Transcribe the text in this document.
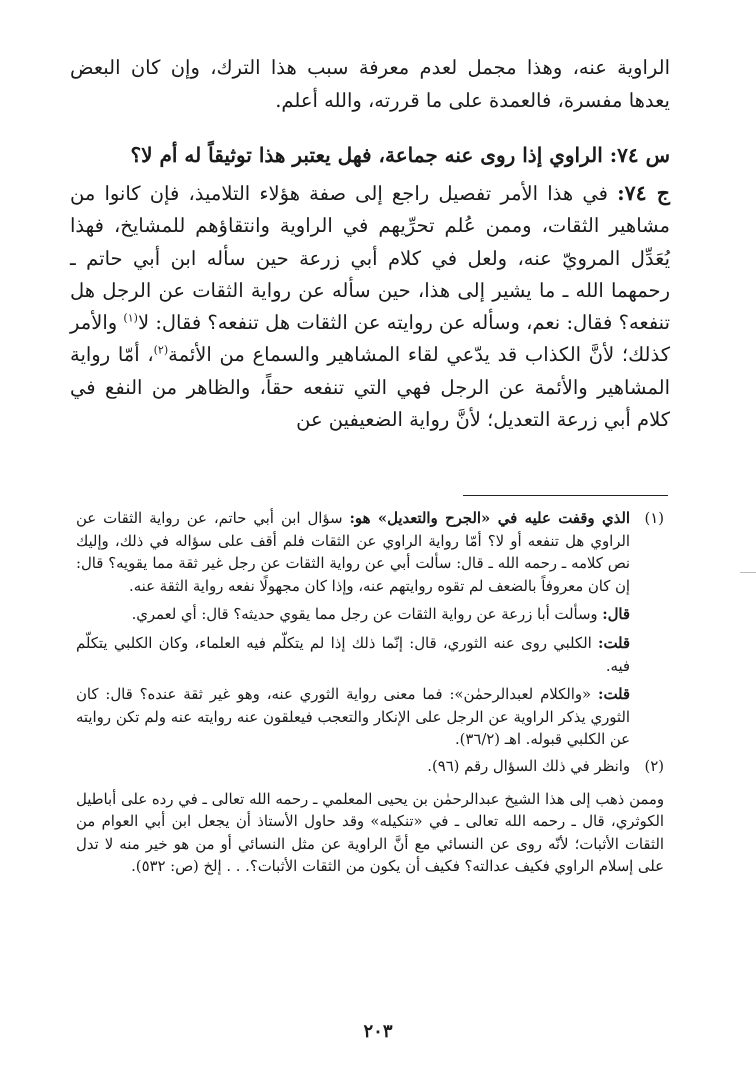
الراوية عنه، وهذا مجمل لعدم معرفة سبب هذا الترك، وإن كان البعض يعدها مفسرة، فالعمدة على ما قررته، والله أعلم.

س ٧٤: الراوي إذا روى عنه جماعة، فهل يعتبر هذا توثيقاً له أم لا؟

ج ٧٤: في هذا الأمر تفصيل راجع إلى صفة هؤلاء التلاميذ، فإن كانوا من مشاهير الثقات، وممن عُلم تحرِّيهم في الراوية وانتقاؤهم للمشايخ، فهذا يُعَدِّل المرويّ عنه، ولعل في كلام أبي زرعة حين سأله ابن أبي حاتم ـ رحمهما الله ـ ما يشير إلى هذا، حين سأله عن رواية الثقات عن الرجل هل تنفعه؟ فقال: نعم، وسأله عن روايته عن الثقات هل تنفعه؟ فقال: لا$^{(١)}$ والأمر كذلك؛ لأنَّ الكذاب قد يدّعي لقاء المشاهير والسماع من الأئمة$^{(٢)}$، أمّا رواية المشاهير والأئمة عن الرجل فهي التي تنفعه حقاً، والظاهر من النفع في كلام أبي زرعة التعديل؛ لأنَّ رواية الضعيفين عن

(١)

الذي وقفت عليه في «الجرح والتعديل» هو: سؤال ابن أبي حاتم، عن رواية الثقات عن الراوي هل تنفعه أو لا؟ أمّا رواية الراوي عن الثقات فلم أقف على سؤاله في ذلك، وإليك نص كلامه ـ رحمه الله ـ قال: سألت أبي عن رواية الثقات عن رجل غير ثقة مما يقويه؟ قال: إن كان معروفاً بالضعف لم تقوه روايتهم عنه، وإذا كان مجهولًا نفعه رواية الثقة عنه.

قال: وسألت أبا زرعة عن رواية الثقات عن رجل مما يقوي حديثه؟ قال: أي لعمري.

قلت: الكلبي روى عنه الثوري، قال: إنّما ذلك إذا لم يتكلّم فيه العلماء، وكان الكلبي يتكلّم فيه.

قلت: «والكلام لعبدالرحمٰن»: فما معنى رواية الثوري عنه، وهو غير ثقة عنده؟ قال: كان الثوري يذكر الراوية عن الرجل على الإنكار والتعجب فيعلقون عنه روايته عنه ولم تكن روايته عن الكلبي قبوله. اهـ (٣٦/٢).

(٢)

وانظر في ذلك السؤال رقم (٩٦).

وممن ذهب إلى هذا الشيخ عبدالرحمٰن بن يحيى المعلمي ـ رحمه الله تعالى ـ في رده على أباطيل الكوثري، قال ـ رحمه الله تعالى ـ في «تنكيله» وقد حاول الأستاذ أن يجعل ابن أبي العوام من الثقات الأثبات؛ لأنّه روى عن النسائي مع أنَّ الراوية عن مثل النسائي أو من هو خير منه لا تدل على إسلام الراوي فكيف عدالته؟ فكيف أن يكون من الثقات الأثبات؟. . . إلخ (ص: ٥٣٢).

٢٠٣
